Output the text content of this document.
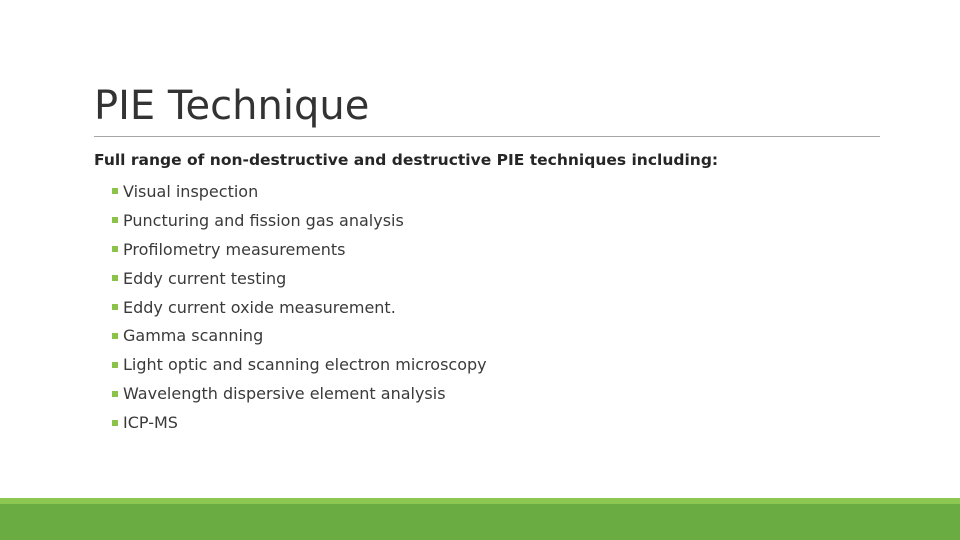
PIE Technique
Full range of non-destructive and destructive PIE techniques including:
Visual inspection
Puncturing and fission gas analysis
Profilometry measurements
Eddy current testing
Eddy current oxide measurement.
Gamma scanning
Light optic and scanning electron microscopy
Wavelength dispersive element analysis
ICP-MS
